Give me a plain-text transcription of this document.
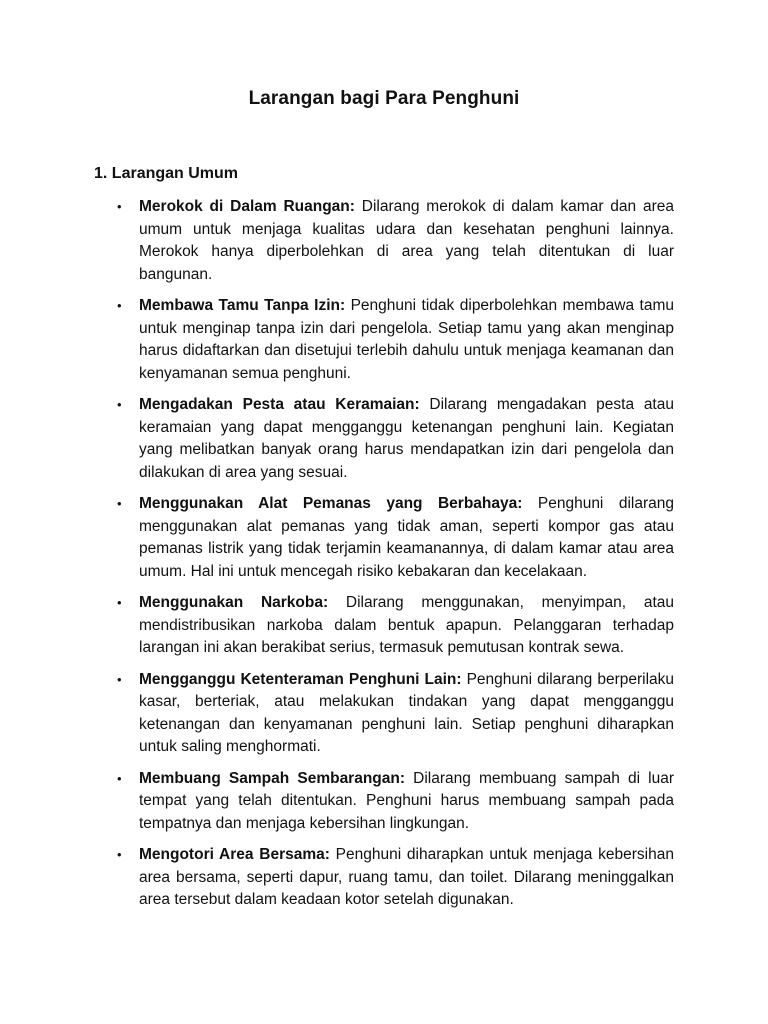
Larangan bagi Para Penghuni
1. Larangan Umum
• Merokok di Dalam Ruangan: Dilarang merokok di dalam kamar dan area umum untuk menjaga kualitas udara dan kesehatan penghuni lainnya. Merokok hanya diperbolehkan di area yang telah ditentukan di luar bangunan.
• Membawa Tamu Tanpa Izin: Penghuni tidak diperbolehkan membawa tamu untuk menginap tanpa izin dari pengelola. Setiap tamu yang akan menginap harus didaftarkan dan disetujui terlebih dahulu untuk menjaga keamanan dan kenyamanan semua penghuni.
• Mengadakan Pesta atau Keramaian: Dilarang mengadakan pesta atau keramaian yang dapat mengganggu ketenangan penghuni lain. Kegiatan yang melibatkan banyak orang harus mendapatkan izin dari pengelola dan dilakukan di area yang sesuai.
• Menggunakan Alat Pemanas yang Berbahaya: Penghuni dilarang menggunakan alat pemanas yang tidak aman, seperti kompor gas atau pemanas listrik yang tidak terjamin keamanannya, di dalam kamar atau area umum. Hal ini untuk mencegah risiko kebakaran dan kecelakaan.
• Menggunakan Narkoba: Dilarang menggunakan, menyimpan, atau mendistribusikan narkoba dalam bentuk apapun. Pelanggaran terhadap larangan ini akan berakibat serius, termasuk pemutusan kontrak sewa.
• Mengganggu Ketenteraman Penghuni Lain: Penghuni dilarang berperilaku kasar, berteriak, atau melakukan tindakan yang dapat mengganggu ketenangan dan kenyamanan penghuni lain. Setiap penghuni diharapkan untuk saling menghormati.
• Membuang Sampah Sembarangan: Dilarang membuang sampah di luar tempat yang telah ditentukan. Penghuni harus membuang sampah pada tempatnya dan menjaga kebersihan lingkungan.
• Mengotori Area Bersama: Penghuni diharapkan untuk menjaga kebersihan area bersama, seperti dapur, ruang tamu, dan toilet. Dilarang meninggalkan area tersebut dalam keadaan kotor setelah digunakan.
